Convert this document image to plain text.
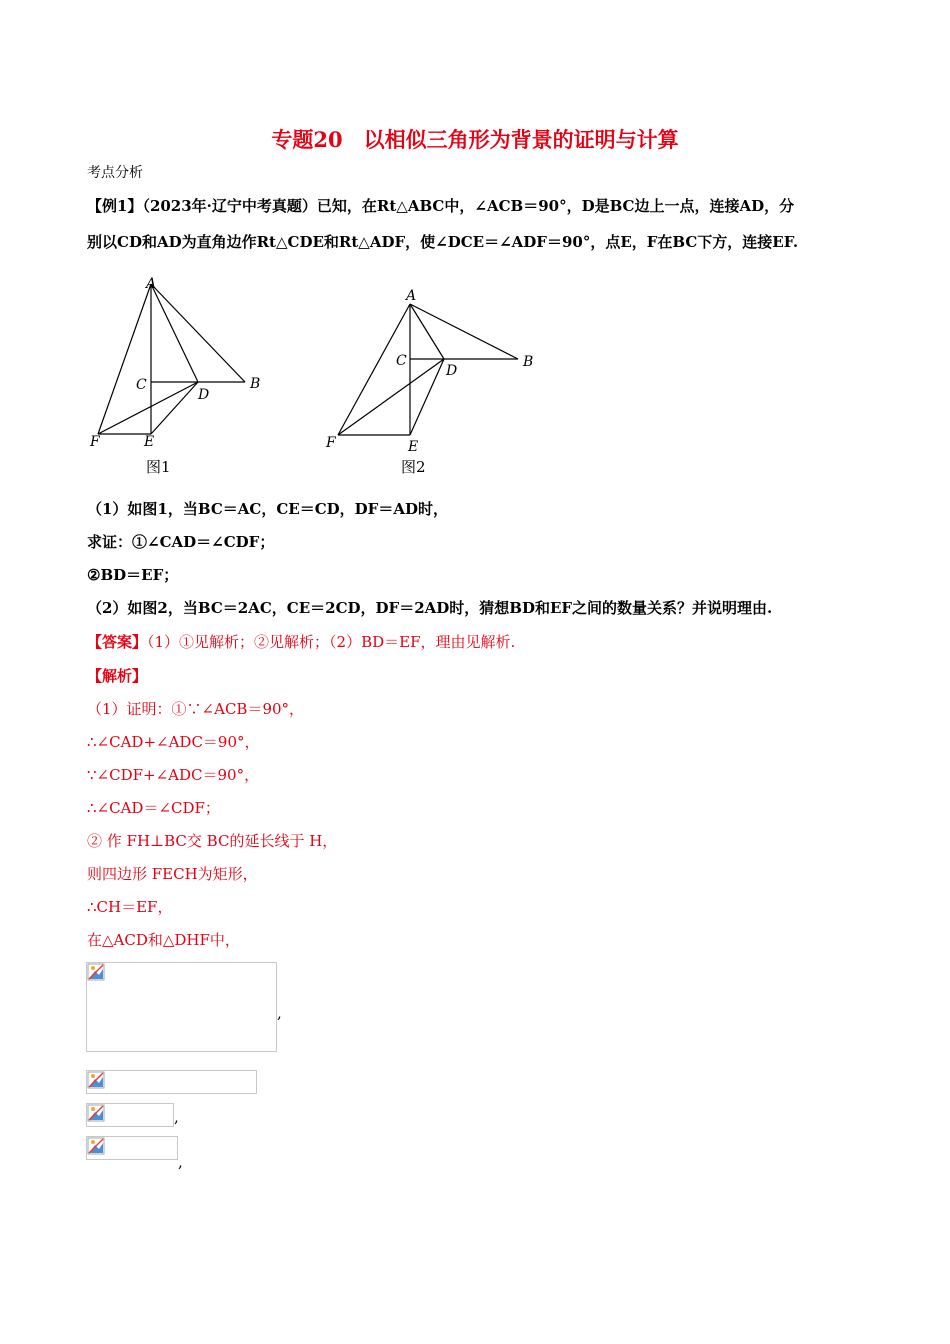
专题20　以相似三角形为背景的证明与计算
考点分析
【例1】（2023年·辽宁中考真题）已知，在Rt△ABC中，∠ACB＝90°，D是BC边上一点，连接AD，分
别以CD和AD为直角边作Rt△CDE和Rt△ADF，使∠DCE＝∠ADF＝90°，点E，F在BC下方，连接EF.
A
B
C
D
E
F
图1
A
B
C
D
E
F
图2
（1）如图1，当BC＝AC，CE＝CD，DF＝AD时，
求证：①∠CAD＝∠CDF；
②BD＝EF；
（2）如图2，当BC＝2AC，CE＝2CD，DF＝2AD时，猜想BD和EF之间的数量关系？并说明理由.
【答案】（1）①见解析；②见解析；（2）BD＝EF，理由见解析.
【解析】
（1）证明：①∵∠ACB＝90°，
∴∠CAD+∠ADC＝90°，
∵∠CDF+∠ADC＝90°，
∴∠CAD＝∠CDF；
② 作 FH⊥BC交 BC的延长线于 H，
则四边形 FECH为矩形，
∴CH＝EF，
在△ACD和△DHF中，
,
,
,
